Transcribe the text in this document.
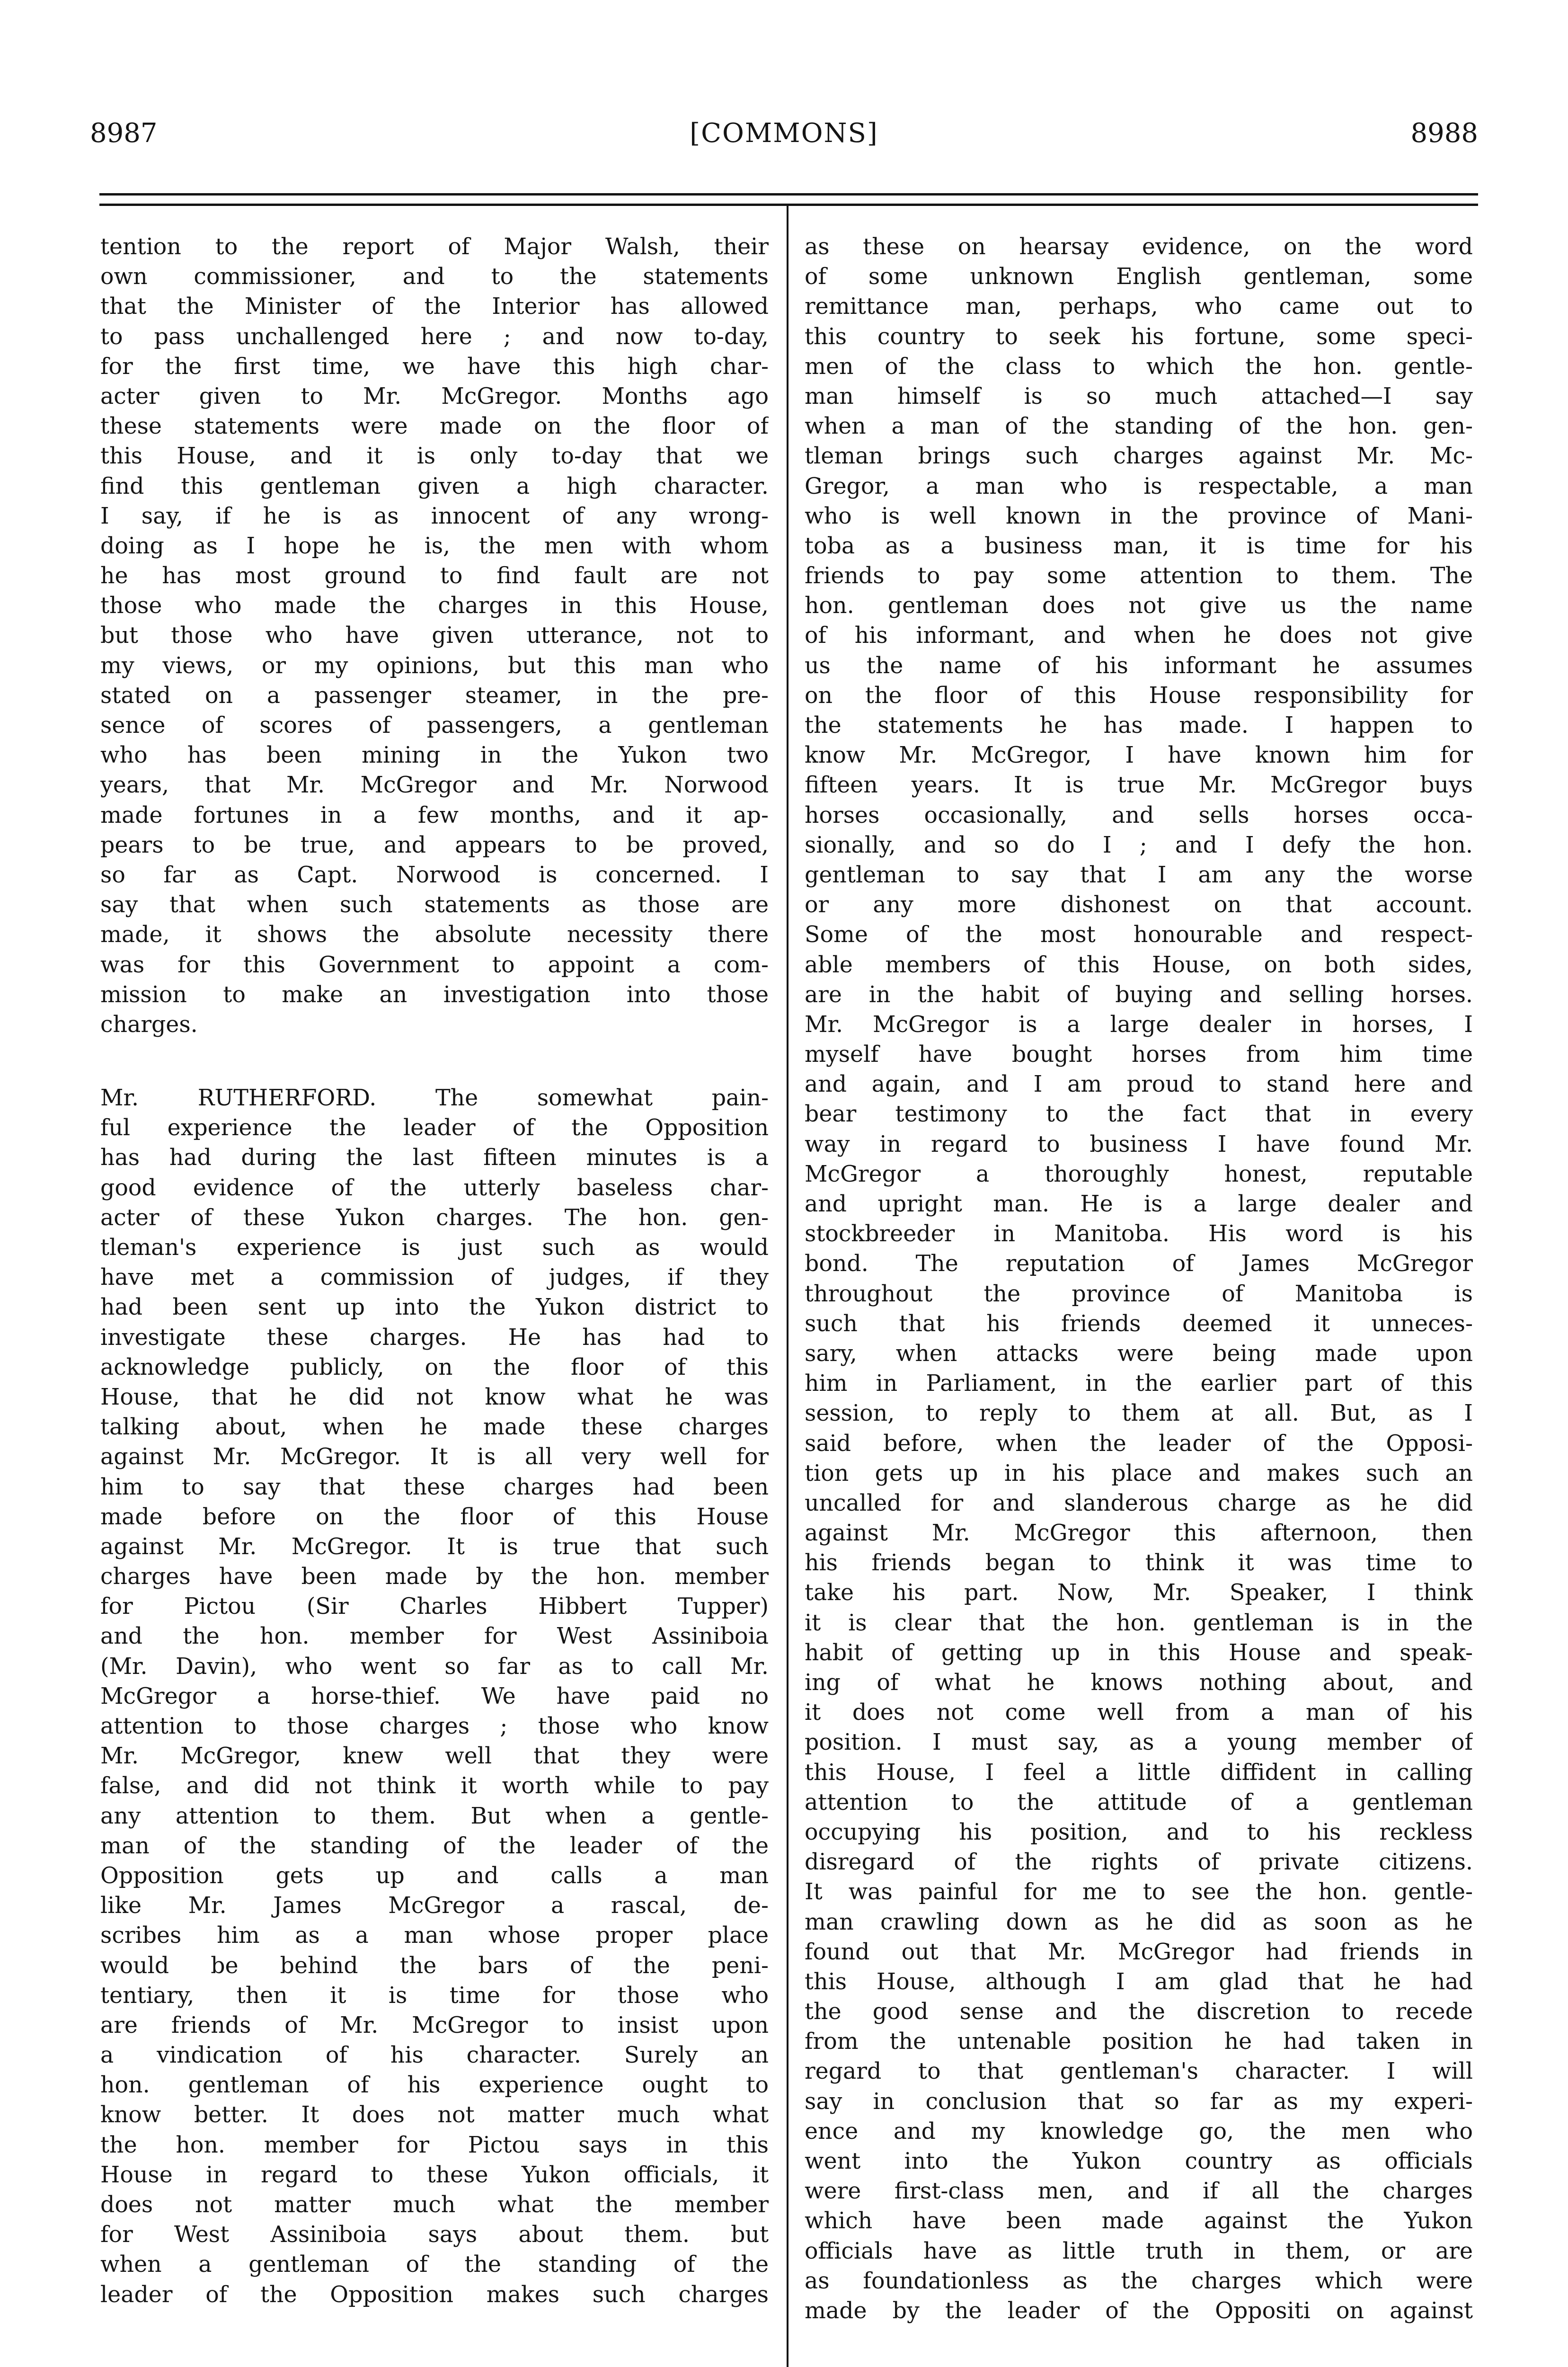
8987	[COMMONS]	8988
tention to the report of Major Walsh, their
own commissioner, and to the statements
that the Minister of the Interior has allowed
to pass unchallenged here ; and now to-day,
for the first time, we have this high char-
acter given to Mr. McGregor. Months ago
these statements were made on the floor of
this House, and it is only to-day that we
find this gentleman given a high character.
I say, if he is as innocent of any wrong-
doing as I hope he is, the men with whom
he has most ground to find fault are not
those who made the charges in this House,
but those who have given utterance, not to
my views, or my opinions, but this man who
stated on a passenger steamer, in the pre-
sence of scores of passengers, a gentleman
who has been mining in the Yukon two
years, that Mr. McGregor and Mr. Norwood
made fortunes in a few months, and it ap-
pears to be true, and appears to be proved,
so far as Capt. Norwood is concerned. I
say that when such statements as those are
made, it shows the absolute necessity there
was for this Government to appoint a com-
mission to make an investigation into those
charges.
Mr. RUTHERFORD. The somewhat pain-
ful experience the leader of the Opposition
has had during the last fifteen minutes is a
good evidence of the utterly baseless char-
acter of these Yukon charges. The hon. gen-
tleman's experience is just such as would
have met a commission of judges, if they
had been sent up into the Yukon district to
investigate these charges. He has had to
acknowledge publicly, on the floor of this
House, that he did not know what he was
talking about, when he made these charges
against Mr. McGregor. It is all very well for
him to say that these charges had been
made before on the floor of this House
against Mr. McGregor. It is true that such
charges have been made by the hon. member
for Pictou (Sir Charles Hibbert Tupper)
and the hon. member for West Assiniboia
(Mr. Davin), who went so far as to call Mr.
McGregor a horse-thief. We have paid no
attention to those charges ; those who know
Mr. McGregor, knew well that they were
false, and did not think it worth while to pay
any attention to them. But when a gentle-
man of the standing of the leader of the
Opposition gets up and calls a man
like Mr. James McGregor a rascal, de-
scribes him as a man whose proper place
would be behind the bars of the peni-
tentiary, then it is time for those who
are friends of Mr. McGregor to insist upon
a vindication of his character. Surely an
hon. gentleman of his experience ought to
know better. It does not matter much what
the hon. member for Pictou says in this
House in regard to these Yukon officials, it
does not matter much what the member
for West Assiniboia says about them. but
when a gentleman of the standing of the
leader of the Opposition makes such charges
as these on hearsay evidence, on the word
of some unknown English gentleman, some
remittance man, perhaps, who came out to
this country to seek his fortune, some speci-
men of the class to which the hon. gentle-
man himself is so much attached—I say
when a man of the standing of the hon. gen-
tleman brings such charges against Mr. Mc-
Gregor, a man who is respectable, a man
who is well known in the province of Mani-
toba as a business man, it is time for his
friends to pay some attention to them. The
hon. gentleman does not give us the name
of his informant, and when he does not give
us the name of his informant he assumes
on the floor of this House responsibility for
the statements he has made. I happen to
know Mr. McGregor, I have known him for
fifteen years. It is true Mr. McGregor buys
horses occasionally, and sells horses occa-
sionally, and so do I ; and I defy the hon.
gentleman to say that I am any the worse
or any more dishonest on that account.
Some of the most honourable and respect-
able members of this House, on both sides,
are in the habit of buying and selling horses.
Mr. McGregor is a large dealer in horses, I
myself have bought horses from him time
and again, and I am proud to stand here and
bear testimony to the fact that in every
way in regard to business I have found Mr.
McGregor a thoroughly honest, reputable
and upright man. He is a large dealer and
stockbreeder in Manitoba. His word is his
bond. The reputation of James McGregor
throughout the province of Manitoba is
such that his friends deemed it unneces-
sary, when attacks were being made upon
him in Parliament, in the earlier part of this
session, to reply to them at all. But, as I
said before, when the leader of the Opposi-
tion gets up in his place and makes such an
uncalled for and slanderous charge as he did
against Mr. McGregor this afternoon, then
his friends began to think it was time to
take his part. Now, Mr. Speaker, I think
it is clear that the hon. gentleman is in the
habit of getting up in this House and speak-
ing of what he knows nothing about, and
it does not come well from a man of his
position. I must say, as a young member of
this House, I feel a little diffident in calling
attention to the attitude of a gentleman
occupying his position, and to his reckless
disregard of the rights of private citizens.
It was painful for me to see the hon. gentle-
man crawling down as he did as soon as he
found out that Mr. McGregor had friends in
this House, although I am glad that he had
the good sense and the discretion to recede
from the untenable position he had taken in
regard to that gentleman's character. I will
say in conclusion that so far as my experi-
ence and my knowledge go, the men who
went into the Yukon country as officials
were first-class men, and if all the charges
which have been made against the Yukon
officials have as little truth in them, or are
as foundationless as the charges which were
made by the leader of the Oppositi on against
